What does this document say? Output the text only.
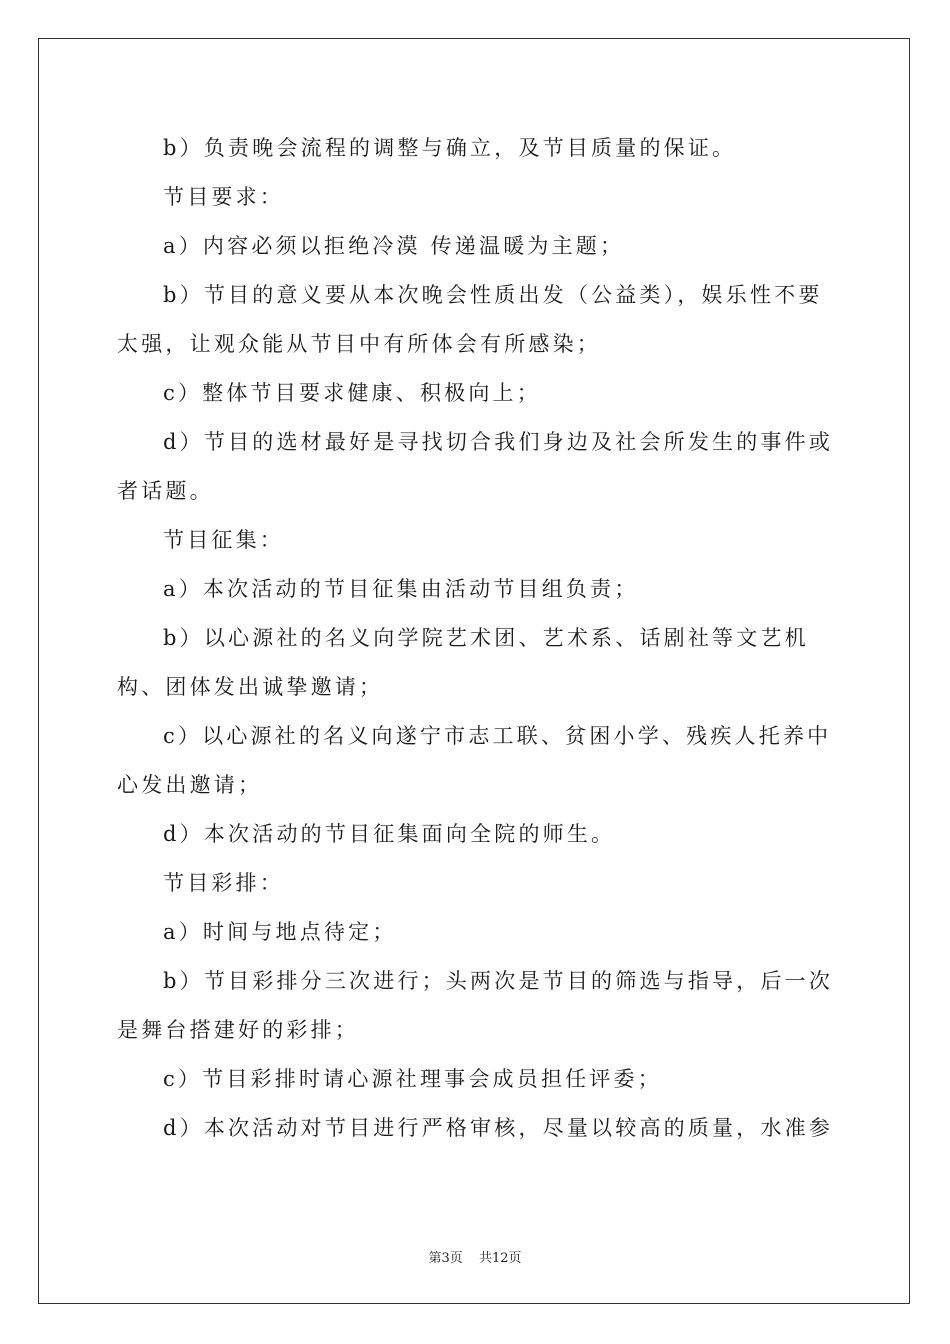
b）负责晚会流程的调整与确立，及节目质量的保证。

节目要求：

a）内容必须以拒绝冷漠 传递温暖为主题；

b）节目的意义要从本次晚会性质出发（公益类），娱乐性不要太强，让观众能从节目中有所体会有所感染；

c）整体节目要求健康、积极向上；

d）节目的选材最好是寻找切合我们身边及社会所发生的事件或者话题。

节目征集：

a）本次活动的节目征集由活动节目组负责；

b）以心源社的名义向学院艺术团、艺术系、话剧社等文艺机构、团体发出诚挚邀请；

c）以心源社的名义向遂宁市志工联、贫困小学、残疾人托养中心发出邀请；

d）本次活动的节目征集面向全院的师生。

节目彩排：

a）时间与地点待定；

b）节目彩排分三次进行；头两次是节目的筛选与指导，后一次是舞台搭建好的彩排；

c）节目彩排时请心源社理事会成员担任评委；

d）本次活动对节目进行严格审核，尽量以较高的质量，水准参

第3页 共12页
